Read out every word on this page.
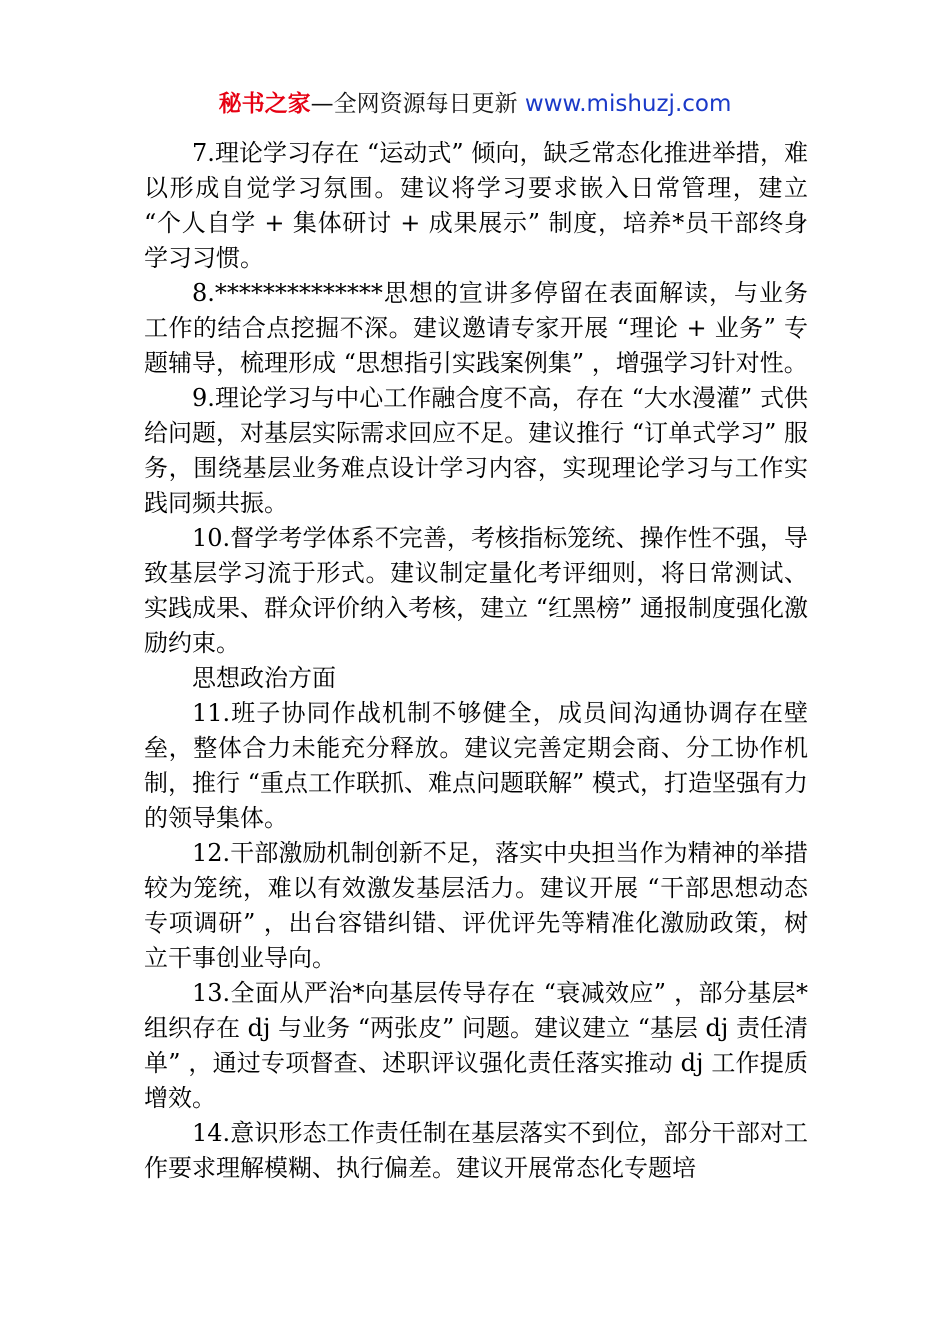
秘书之家—全网资源每日更新 www.mishuzj.com

7.理论学习存在 “运动式” 倾向，缺乏常态化推进举措，难以形成自觉学习氛围。建议将学习要求嵌入日常管理，建立 “个人自学 + 集体研讨 + 成果展示” 制度，培养*员干部终身学习习惯。

8.**************思想的宣讲多停留在表面解读，与业务工作的结合点挖掘不深。建议邀请专家开展 “理论 + 业务” 专题辅导，梳理形成 “思想指引实践案例集” ，增强学习针对性。

9.理论学习与中心工作融合度不高，存在 “大水漫灌” 式供给问题，对基层实际需求回应不足。建议推行 “订单式学习” 服务，围绕基层业务难点设计学习内容，实现理论学习与工作实践同频共振。

10.督学考学体系不完善，考核指标笼统、操作性不强，导致基层学习流于形式。建议制定量化考评细则，将日常测试、实践成果、群众评价纳入考核，建立 “红黑榜” 通报制度强化激励约束。

思想政治方面

11.班子协同作战机制不够健全，成员间沟通协调存在壁垒，整体合力未能充分释放。建议完善定期会商、分工协作机制，推行 “重点工作联抓、难点问题联解” 模式，打造坚强有力的领导集体。

12.干部激励机制创新不足，落实中央担当作为精神的举措较为笼统，难以有效激发基层活力。建议开展 “干部思想动态专项调研” ，出台容错纠错、评优评先等精准化激励政策，树立干事创业导向。

13.全面从严治*向基层传导存在 “衰减效应” ，部分基层*组织存在 dj 与业务 “两张皮” 问题。建议建立 “基层 dj 责任清单” ，通过专项督查、述职评议强化责任落实推动 dj 工作提质增效。

14.意识形态工作责任制在基层落实不到位，部分干部对工作要求理解模糊、执行偏差。建议开展常态化专题培
